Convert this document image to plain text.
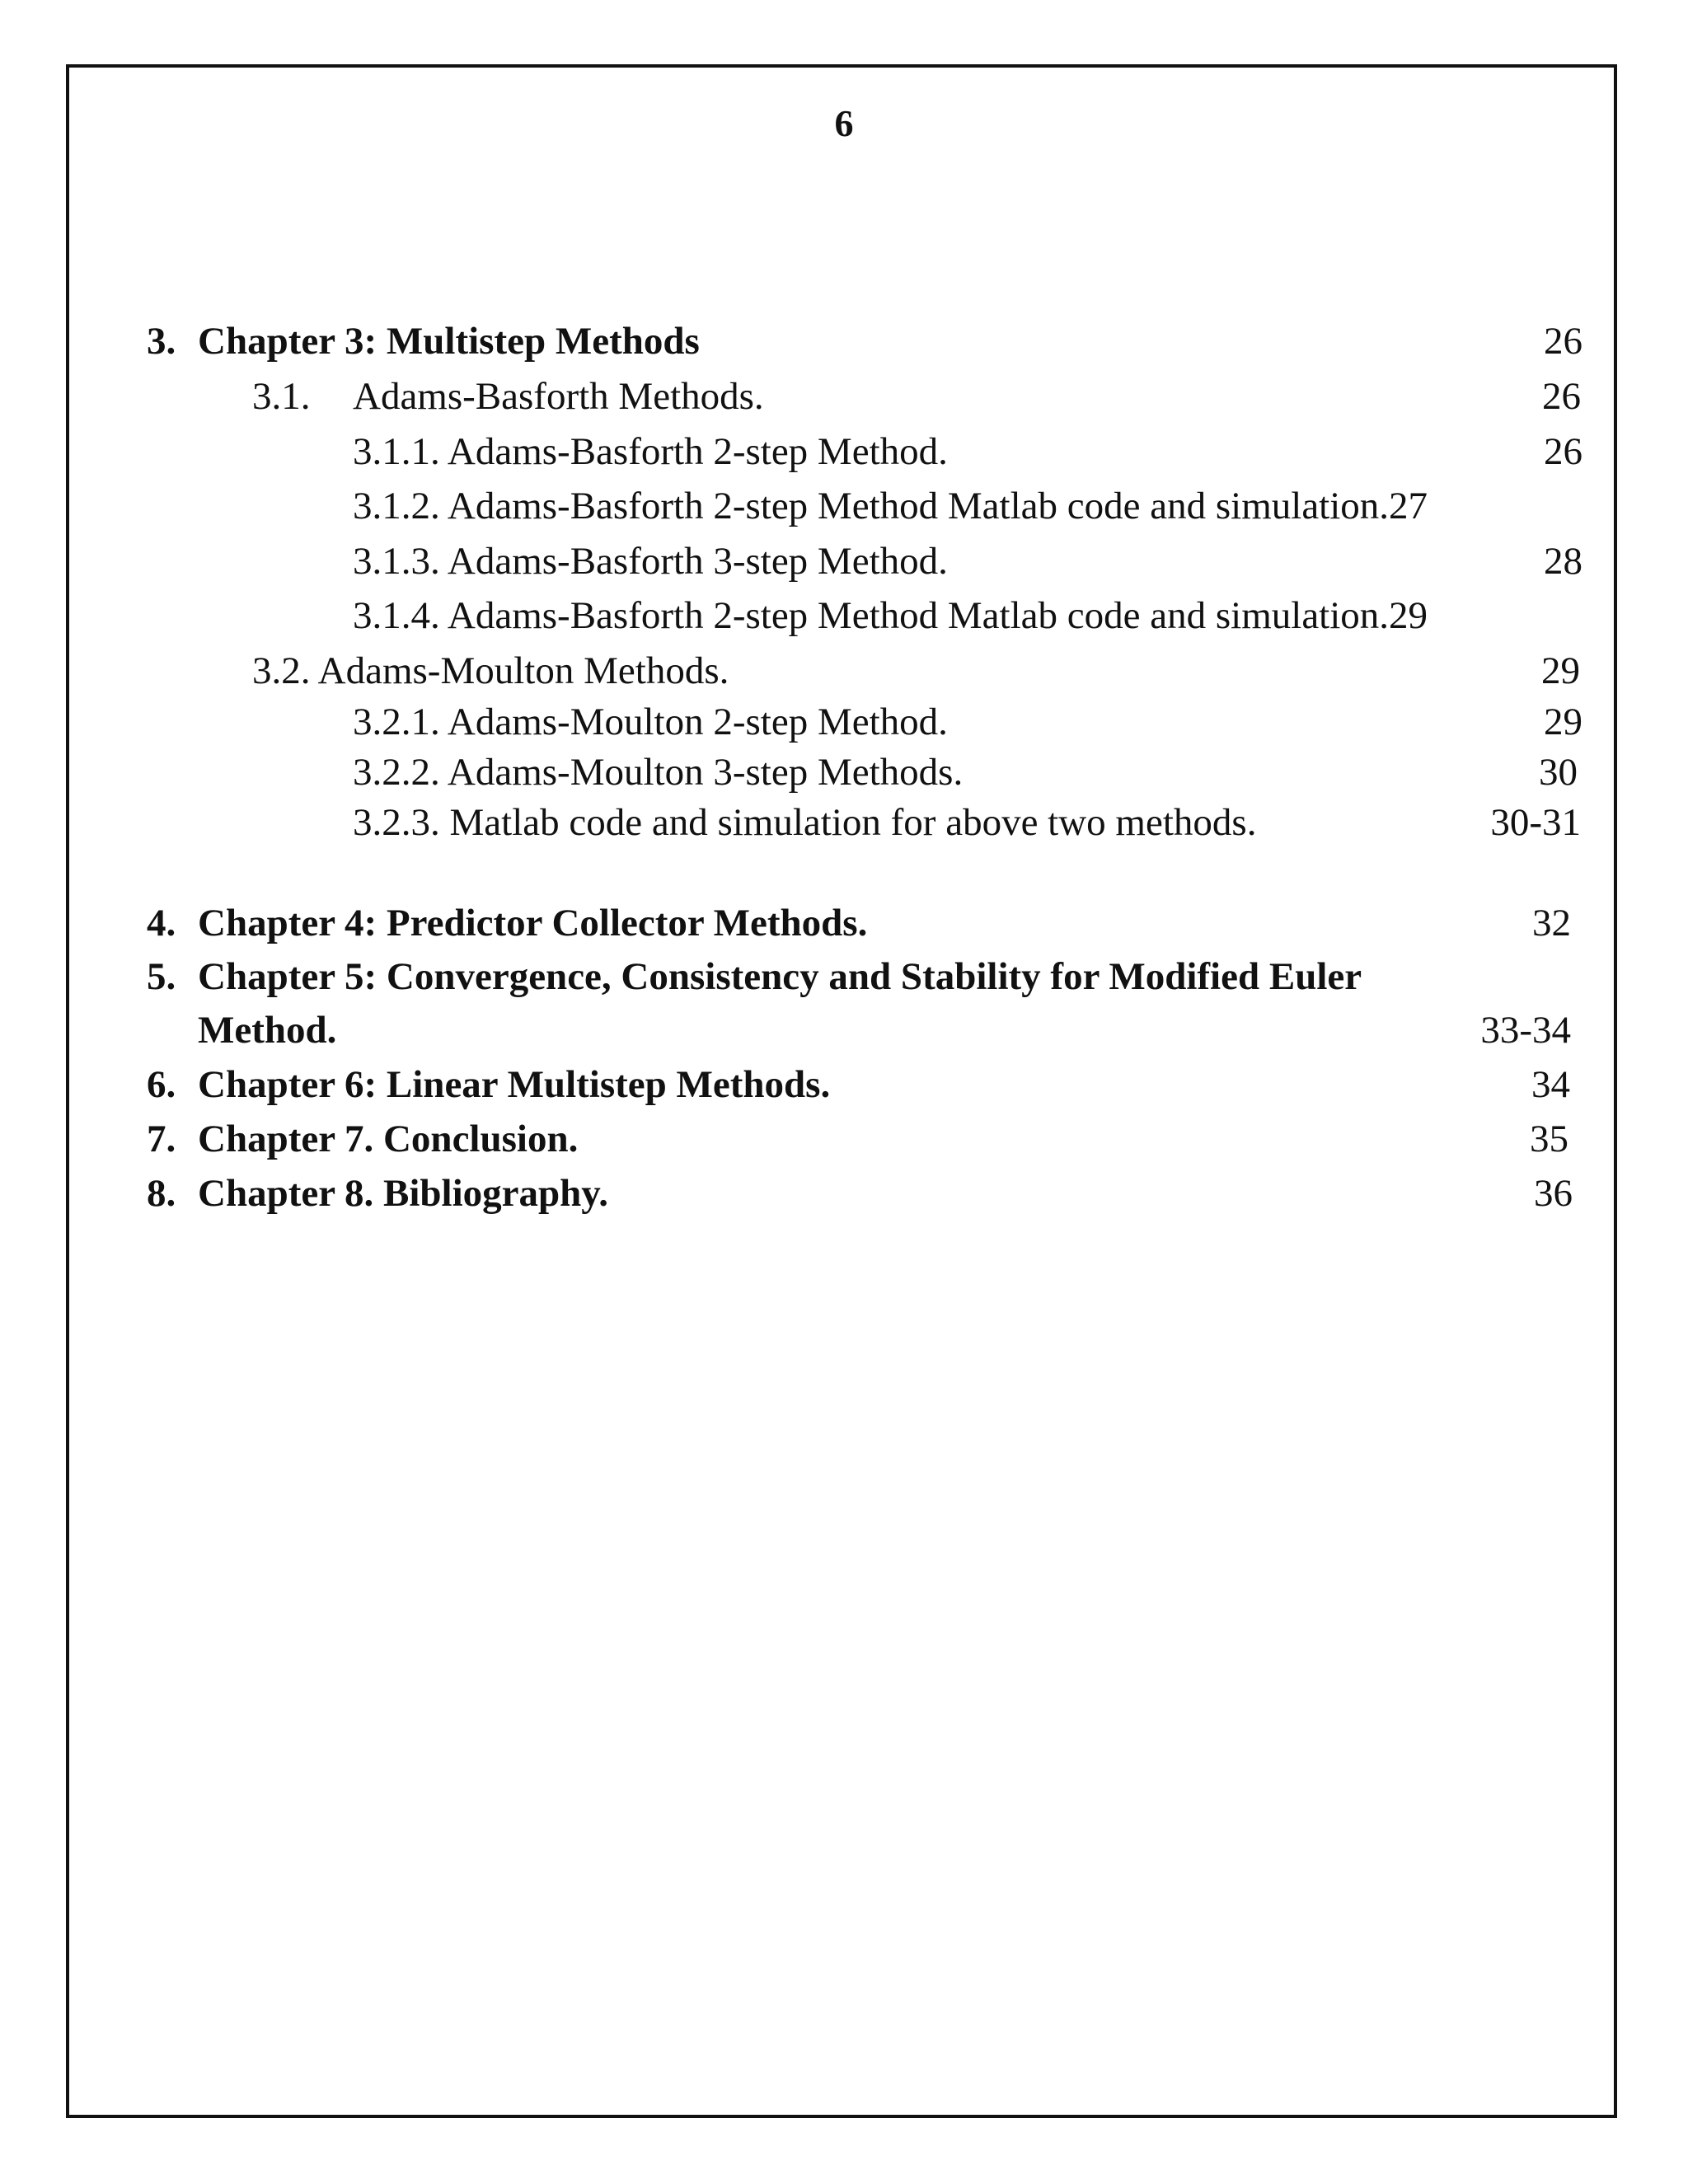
6
3. Chapter 3: Multistep Methods	26
3.1. Adams-Basforth Methods.	26
3.1.1. Adams-Basforth 2-step Method.	26
3.1.2. Adams-Basforth 2-step Method Matlab code and simulation.27
3.1.3. Adams-Basforth 3-step Method.	28
3.1.4. Adams-Basforth 2-step Method Matlab code and simulation.29
3.2. Adams-Moulton Methods.	29
3.2.1. Adams-Moulton 2-step Method.	29
3.2.2. Adams-Moulton 3-step Methods.	30
3.2.3. Matlab code and simulation for above two methods.	30-31
4. Chapter 4: Predictor Collector Methods.	32
5. Chapter 5: Convergence, Consistency and Stability for Modified Euler
Method.	33-34
6. Chapter 6: Linear Multistep Methods.	34
7. Chapter 7. Conclusion.	35
8. Chapter 8. Bibliography.	36
